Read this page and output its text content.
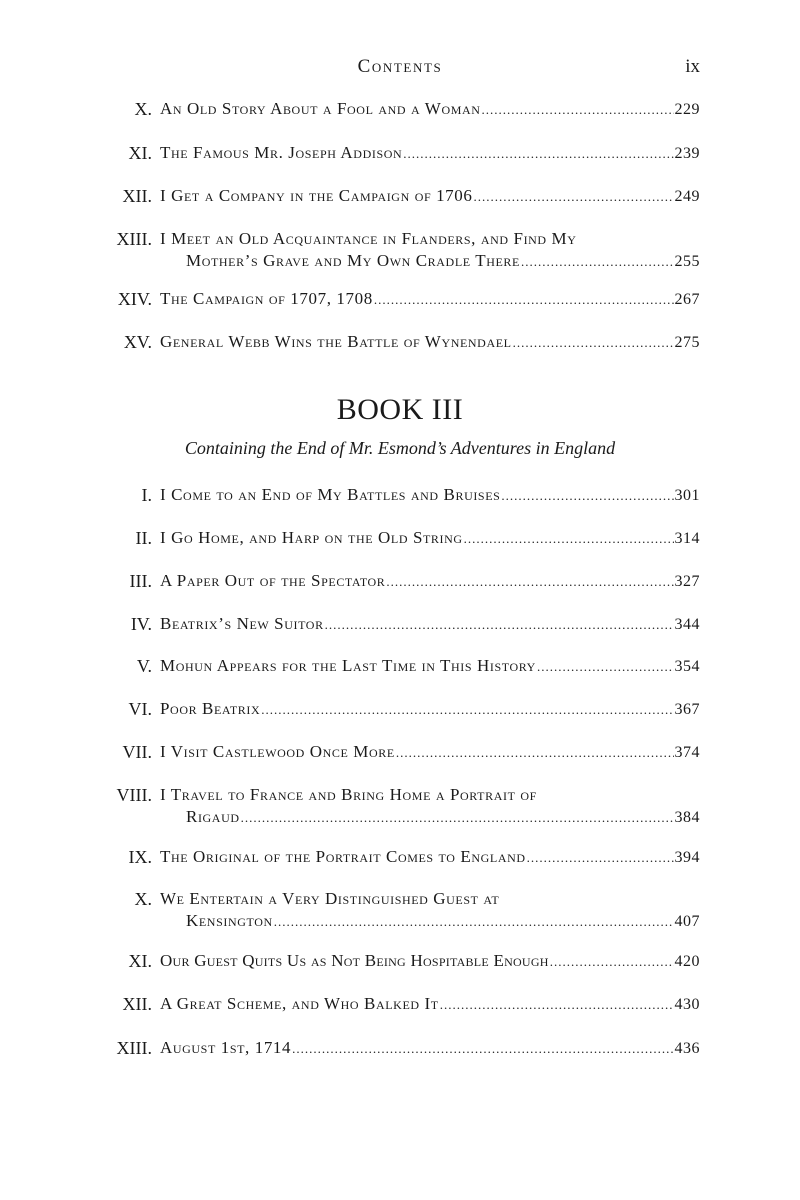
Contents	ix
X. An Old Story About a Fool and a Woman .....	229
XI. The Famous Mr. Joseph Addison .....	239
XII. I Get a Company in the Campaign of 1706 .....	249
XIII. I Meet an Old Acquaintance in Flanders, and Find My
Mother’s Grave and My Own Cradle There .....	255
XIV. The Campaign of 1707, 1708 .....	267
XV. General Webb Wins the Battle of Wynendael .....	275
BOOK III
Containing the End of Mr. Esmond’s Adventures in England
I. I Come to an End of My Battles and Bruises .....	301
II. I Go Home, and Harp on the Old String .....	314
III. A Paper Out of the Spectator .....	327
IV. Beatrix’s New Suitor .....	344
V. Mohun Appears for the Last Time in This History .....	354
VI. Poor Beatrix .....	367
VII. I Visit Castlewood Once More .....	374
VIII. I Travel to France and Bring Home a Portrait of
Rigaud .....	384
IX. The Original of the Portrait Comes to England .....	394
X. We Entertain a Very Distinguished Guest at
Kensington .....	407
XI. Our Guest Quits Us as Not Being Hospitable Enough .....	420
XII. A Great Scheme, and Who Balked It .....	430
XIII. August 1st, 1714 .....	436
